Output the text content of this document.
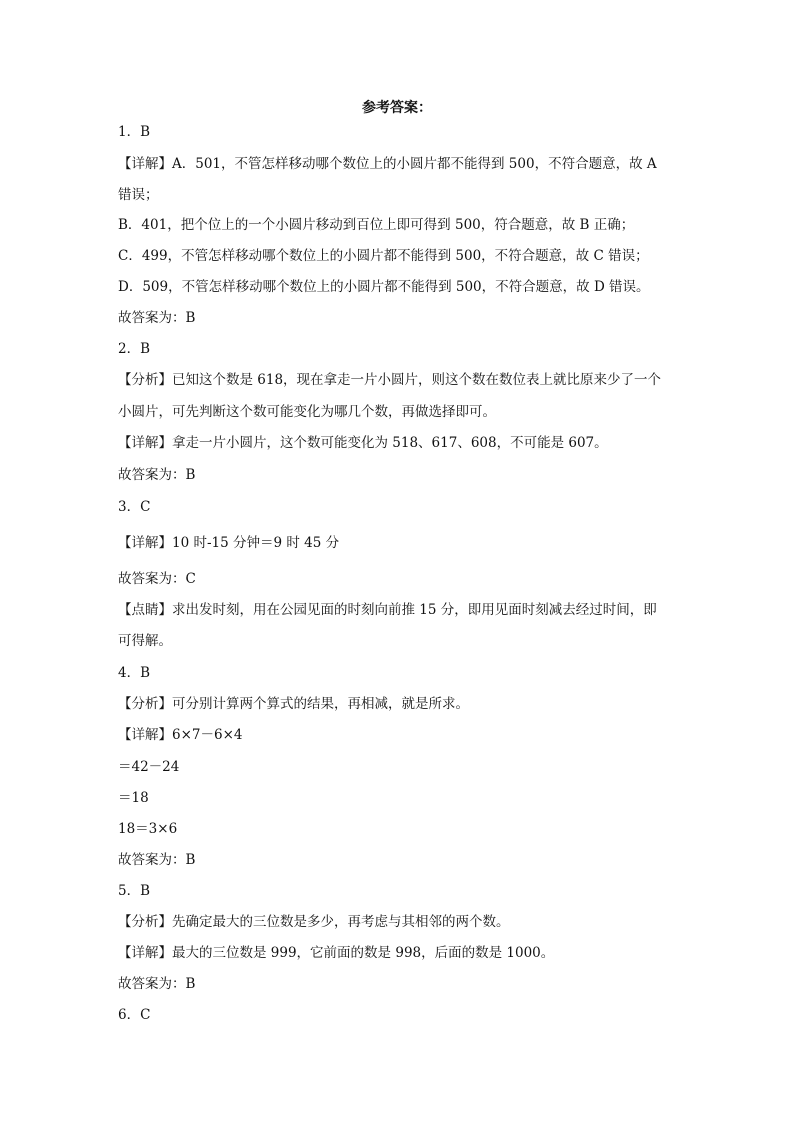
参考答案：
1．B
【详解】A．501，不管怎样移动哪个数位上的小圆片都不能得到 500，不符合题意，故 A
错误；
B．401，把个位上的一个小圆片移动到百位上即可得到 500，符合题意，故 B 正确；
C．499，不管怎样移动哪个数位上的小圆片都不能得到 500，不符合题意，故 C 错误；
D．509，不管怎样移动哪个数位上的小圆片都不能得到 500，不符合题意，故 D 错误。
故答案为：B
2．B
【分析】已知这个数是 618，现在拿走一片小圆片，则这个数在数位表上就比原来少了一个
小圆片，可先判断这个数可能变化为哪几个数，再做选择即可。
【详解】拿走一片小圆片，这个数可能变化为 518、617、608，不可能是 607。
故答案为：B
3．C
【详解】10 时-15 分钟＝9 时 45 分
故答案为：C
【点睛】求出发时刻，用在公园见面的时刻向前推 15 分，即用见面时刻减去经过时间，即
可得解。
4．B
【分析】可分别计算两个算式的结果，再相减，就是所求。
【详解】6×7－6×4
＝42－24
＝18
18＝3×6
故答案为：B
5．B
【分析】先确定最大的三位数是多少，再考虑与其相邻的两个数。
【详解】最大的三位数是 999，它前面的数是 998，后面的数是 1000。
故答案为：B
6．C
